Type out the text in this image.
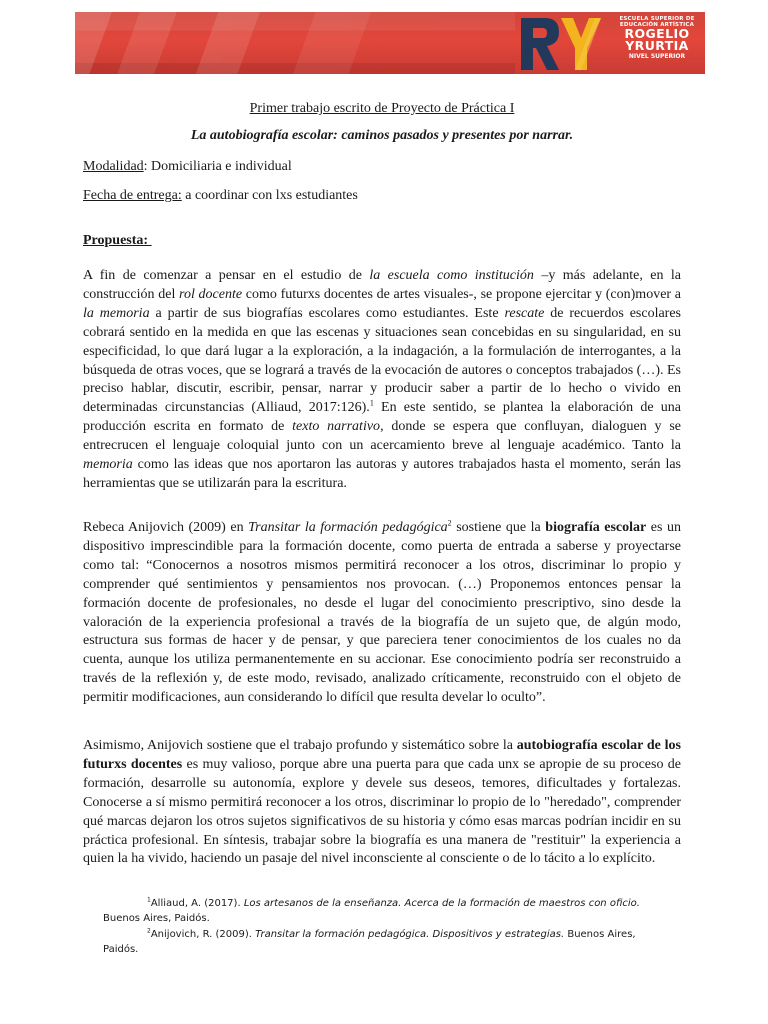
ESCUELA SUPERIOR DE
EDUCACIÓN ARTÍSTICA
ROGELIO
YRURTIA
NIVEL SUPERIOR
Primer trabajo escrito de Proyecto de Práctica I
La autobiografía escolar: caminos pasados y presentes por narrar.
Modalidad: Domiciliaria e individual
Fecha de entrega: a coordinar con lxs estudiantes
Propuesta:

A fin de comenzar a pensar en el estudio de la escuela como institución –y más adelante, en la construcción del rol docente como futurxs docentes de artes visuales-, se propone ejercitar y (con)mover a la memoria a partir de sus biografías escolares como estudiantes. Este rescate de recuerdos escolares cobrará sentido en la medida en que las escenas y situaciones sean concebidas en su singularidad, en su especificidad, lo que dará lugar a la exploración, a la indagación, a la formulación de interrogantes, a la búsqueda de otras voces, que se logrará a través de la evocación de autores o conceptos trabajados (…). Es preciso hablar, discutir, escribir, pensar, narrar y producir saber a partir de lo hecho o vivido en determinadas circunstancias (Alliaud, 2017:126).$^1$ En este sentido, se plantea la elaboración de una producción escrita en formato de texto narrativo, donde se espera que confluyan, dialoguen y se entrecrucen el lenguaje coloquial junto con un acercamiento breve al lenguaje académico. Tanto la memoria como las ideas que nos aportaron las autoras y autores trabajados hasta el momento, serán las herramientas que se utilizarán para la escritura.

Rebeca Anijovich (2009) en Transitar la formación pedagógica$^2$ sostiene que la biografía escolar es un dispositivo imprescindible para la formación docente, como puerta de entrada a saberse y proyectarse como tal: “Conocernos a nosotros mismos permitirá reconocer a los otros, discriminar lo propio y comprender qué sentimientos y pensamientos nos provocan. (…) Proponemos entonces pensar la formación docente de profesionales, no desde el lugar del conocimiento prescriptivo, sino desde la valoración de la experiencia profesional a través de la biografía de un sujeto que, de algún modo, estructura sus formas de hacer y de pensar, y que pareciera tener conocimientos de los cuales no da cuenta, aunque los utiliza permanentemente en su accionar. Ese conocimiento podría ser reconstruido a través de la reflexión y, de este modo, revisado, analizado críticamente, reconstruido con el objeto de permitir modificaciones, aun considerando lo difícil que resulta develar lo oculto”.

Asimismo, Anijovich sostiene que el trabajo profundo y sistemático sobre la autobiografía escolar de los futurxs docentes es muy valioso, porque abre una puerta para que cada unx se apropie de su proceso de formación, desarrolle su autonomía, explore y devele sus deseos, temores, dificultades y fortalezas. Conocerse a sí mismo permitirá reconocer a los otros, discriminar lo propio de lo "heredado", comprender qué marcas dejaron los otros sujetos significativos de su historia y cómo esas marcas podrían incidir en su práctica profesional. En síntesis, trabajar sobre la biografía es una manera de "restituir" la experiencia a quien la ha vivido, haciendo un pasaje del nivel inconsciente al consciente o de lo tácito a lo explícito.

$^1$Alliaud, A. (2017). Los artesanos de la enseñanza. Acerca de la formación de maestros con oficio. Buenos Aires, Paidós.

$^2$Anijovich, R. (2009). Transitar la formación pedagógica. Dispositivos y estrategias. Buenos Aires, Paidós.
